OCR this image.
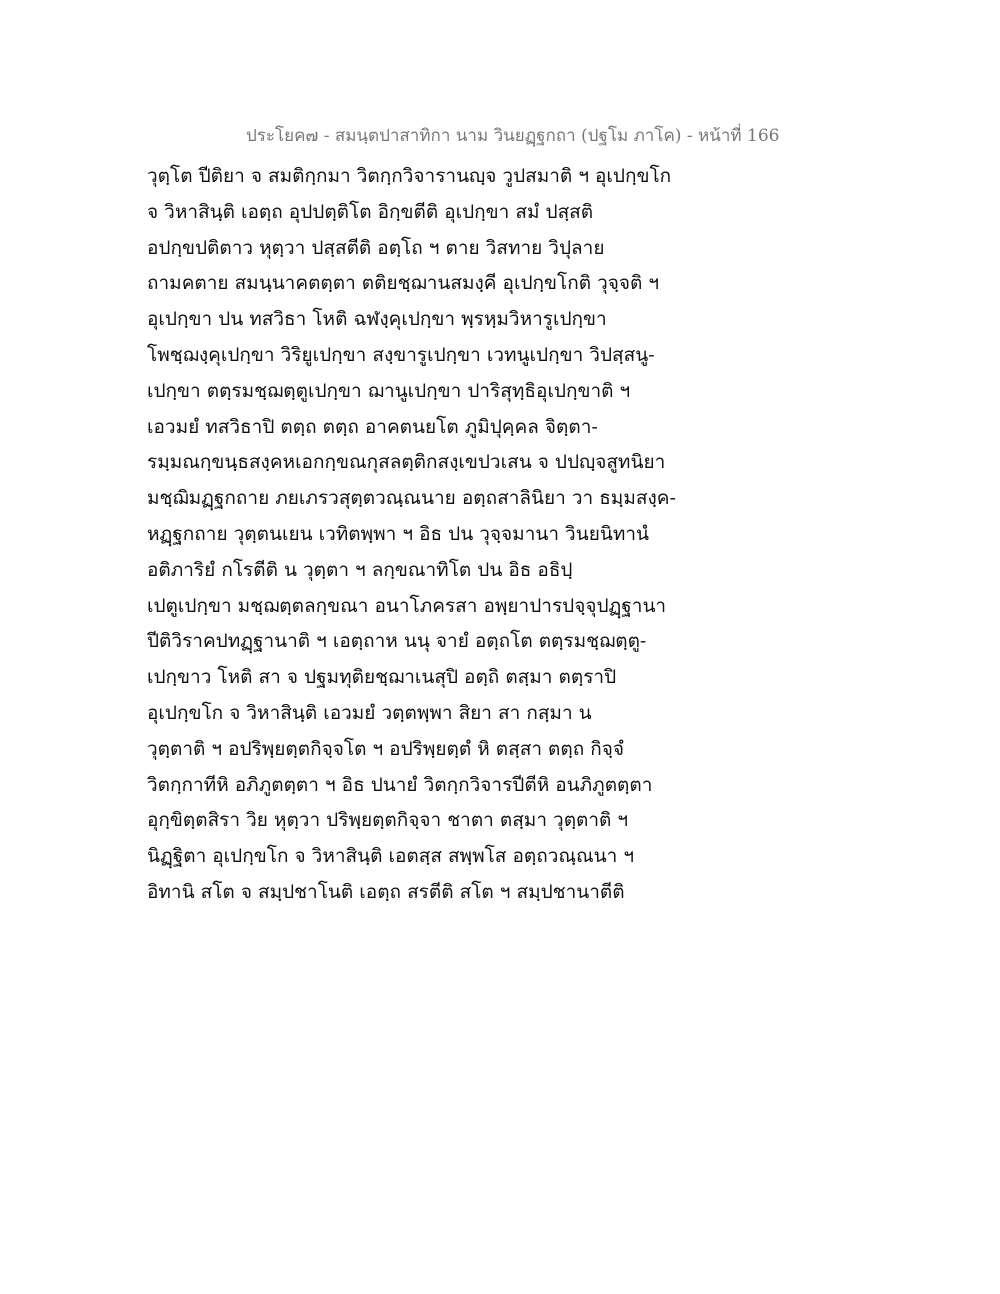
ประโยค๗ - สมนฺตปาสาทิกา นาม วินยฏฺฐกถา (ปฐโม ภาโค) - หน้าที่ 166
วุตฺโต ปีติยา จ สมติกฺกมา วิตกฺกวิจารานญฺจ วูปสมาติ ฯ อุเปกฺขโก
จ วิหาสินฺติ เอตฺถ อุปปตฺติโต อิกฺขตีติ อุเปกฺขา สมํ ปสฺสติ
อปกฺขปติตาว หุตฺวา ปสฺสตีติ อตฺโถ ฯ ตาย วิสทาย วิปุลาย
ถามคตาย สมนฺนาคตตฺตา ตติยชฺฌานสมงฺคี อุเปกฺขโกติ วุจฺจติ ฯ
อุเปกฺขา ปน ทสวิธา โหติ ฉฬงฺคุเปกฺขา พฺรหฺมวิหารูเปกฺขา
โพชฺฌงฺคุเปกฺขา วิริยูเปกฺขา สงฺขารูเปกฺขา เวทนูเปกฺขา วิปสฺสนู-
เปกฺขา ตตฺรมชฺฌตฺตูเปกฺขา ฌานูเปกฺขา ปาริสุทฺธิอุเปกฺขาติ ฯ
เอวมยํ ทสวิธาปิ ตตฺถ ตตฺถ อาคตนยโต ภูมิปุคฺคล จิตฺตา-
รมฺมณกฺขนฺธสงฺคหเอกกฺขณกุสลตฺติกสงฺเขปวเสน จ ปปญฺจสูทนิยา
มชฺฌิมฏฺฐกถาย ภยเภรวสุตฺตวณฺณนาย อตฺถสาลินิยา วา ธมฺมสงฺค-
หฏฺฐกถาย วุตฺตนเยน เวทิตพฺพา ฯ อิธ ปน วุจฺจมานา วินยนิทานํ
อติภาริยํ กโรตีติ น วุตฺตา ฯ ลกฺขณาทิโต ปน อิธ อธิปฺ
เปตูเปกฺขา มชฺฌตฺตลกฺขณา อนาโภครสา อพฺยาปารปจฺจุปฏฺฐานา
ปีติวิราคปทฏฺฐานาติ ฯ เอตฺถาห นนุ จายํ อตฺถโต ตตฺรมชฺฌตฺตู-
เปกฺขาว โหติ สา จ ปฐมทุติยชฺฌาเนสุปิ อตฺถิ ตสฺมา ตตฺราปิ
อุเปกฺขโก จ วิหาสินฺติ เอวมยํ วตฺตพฺพา สิยา สา กสฺมา น
วุตฺตาติ ฯ อปริพฺยตฺตกิจฺจโต ฯ อปริพฺยตฺตํ หิ ตสฺสา ตตฺถ กิจฺจํ
วิตกฺกาทีหิ อภิภูตตฺตา ฯ อิธ ปนายํ วิตกฺกวิจารปีตีหิ อนภิภูตตฺตา
อุกฺขิตฺตสิรา วิย หุตฺวา ปริพฺยตฺตกิจฺจา ชาตา ตสฺมา วุตฺตาติ ฯ
นิฏฺฐิตา อุเปกฺขโก จ วิหาสินฺติ เอตสฺส สพฺพโส อตฺถวณฺณนา ฯ
อิทานิ สโต จ สมฺปชาโนติ เอตฺถ สรตีติ สโต ฯ สมฺปชานาตีติ
